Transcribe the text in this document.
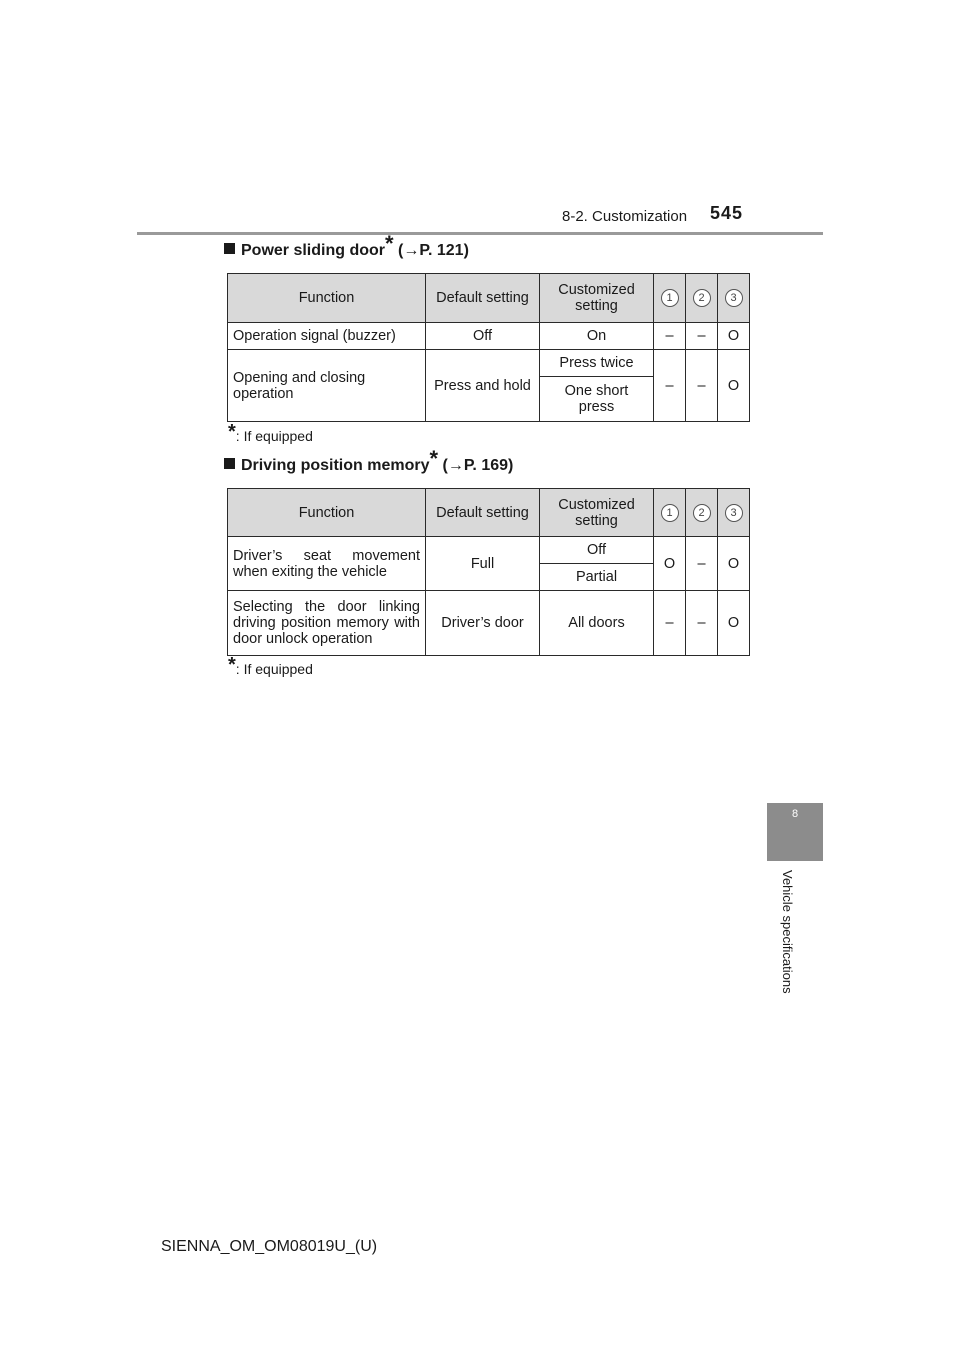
8-2. Customization 545
8
Vehicle specifications
Power sliding door* (→P. 121)
Function	Default setting	Customized setting	1	2	3
Operation signal (buzzer)	Off	On	–	–	O
Opening and closing operation	Press and hold	Press twice	–	–	O
		One short press			
*: If equipped
Driving position memory* (→P. 169)
Function	Default setting	Customized setting	1	2	3
Driver’s seat movement when exiting the vehicle	Full	Off	O	–	O
		Partial			
Selecting the door linking driving position memory with door unlock operation	Driver’s door	All doors	–	–	O
*: If equipped
SIENNA_OM_OM08019U_(U)
